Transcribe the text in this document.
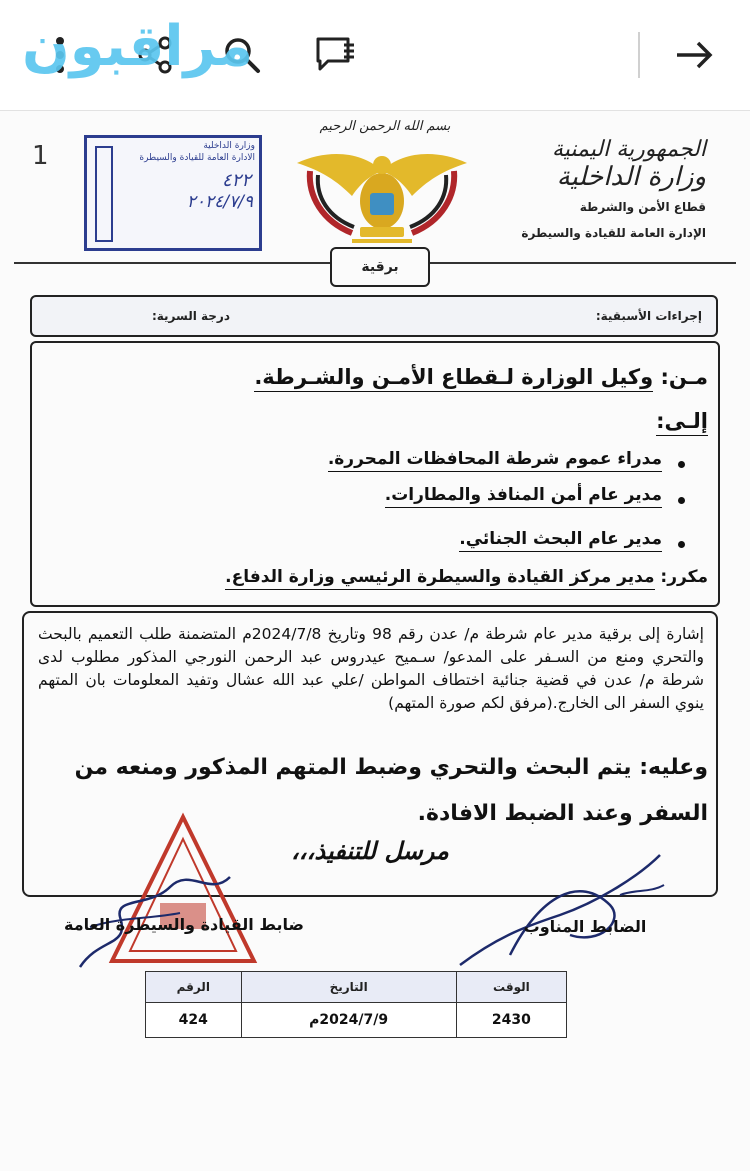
مراقبون
1	الجمهورية اليمنية
وزارة الداخلية
قطاع الأمن والشرطة
الإدارة العامة للقيادة والسيطرة
بسم الله الرحمن الرحيم
وزارة الداخلية
الادارة العامة للقيادة والسيطرة
٤٢٢
٢٠٢٤/٧/٩
برقية
إجراءات الأسبقية:
درجة السرية:
مـن: وكيل الوزارة لـقطاع الأمـن والشـرطة.
إلـى:
مدراء عموم شرطة المحافظات المحررة.
مدير عام أمن المنافذ والمطارات.
مدير عام البحث الجنائي.
مكرر: مدير مركز القيادة والسيطرة الرئيسي وزارة الدفاع.
إشارة إلى برقية مدير عام شرطة م/ عدن رقم 98 وتاريخ 2024/7/8م المتضمنة طلب التعميم بالبحث والتحري ومنع من السـفر على المدعو/ سـميح عيدروس عبد الرحمن النورجي المذكور مطلوب لدى شرطة م/ عدن في قضية جنائية اختطاف المواطن /علي عبد الله عشال وتفيد المعلومات بان المتهم ينوي السفر الى الخارج.(مرفق لكم صورة المتهم)
وعليه: يتم البحث والتحري وضبط المتهم المذكور ومنعه من السفر وعند الضبط الافادة.
مرسل للتنفيذ،،،
ضابط القيادة والسيطرة العامة	الضابط المناوب
الوقت	التاريخ	الرقم
2430	2024/7/9م	424
